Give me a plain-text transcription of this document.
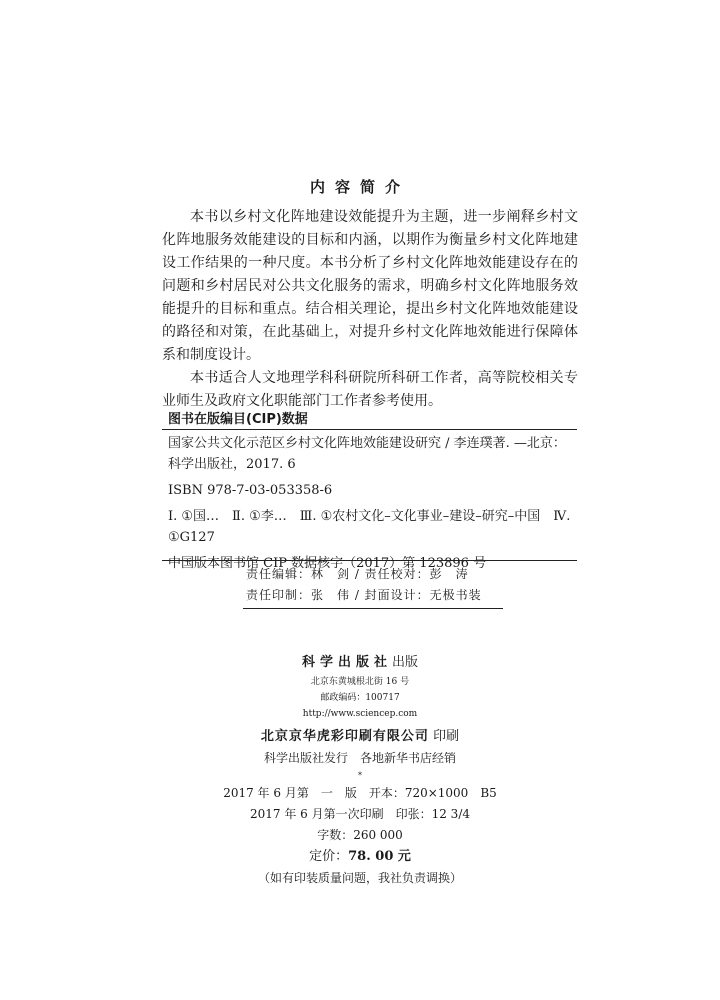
内容简介

本书以乡村文化阵地建设效能提升为主题，进一步阐释乡村文化阵地服务效能建设的目标和内涵，以期作为衡量乡村文化阵地建设工作结果的一种尺度。本书分析了乡村文化阵地效能建设存在的问题和乡村居民对公共文化服务的需求，明确乡村文化阵地服务效能提升的目标和重点。结合相关理论，提出乡村文化阵地效能建设的路径和对策，在此基础上，对提升乡村文化阵地效能进行保障体系和制度设计。

本书适合人文地理学科科研院所科研工作者，高等院校相关专业师生及政府文化职能部门工作者参考使用。

图书在版编目(CIP)数据

国家公共文化示范区乡村文化阵地效能建设研究 / 李连璞著. —北京：科学出版社，2017. 6

ISBN 978-7-03-053358-6

Ⅰ. ①国…　Ⅱ. ①李…　Ⅲ. ①农村文化–文化事业–建设–研究–中国　Ⅳ. ①G127

中国版本图书馆 CIP 数据核字（2017）第 123896 号

责任编辑：林　剑 / 责任校对：彭　涛
责任印制：张　伟 / 封面设计：无极书装
科学出版社出版
北京东黄城根北街 16 号
邮政编码：100717
http://www.sciencep.com
北京京华虎彩印刷有限公司 印刷
科学出版社发行　各地新华书店经销
*
2017 年 6 月第　一　版　开本：720×1000　B5
2017 年 6 月第一次印刷　印张：12 3/4
字数：260 000
定价：78. 00 元
（如有印装质量问题，我社负责调换）
